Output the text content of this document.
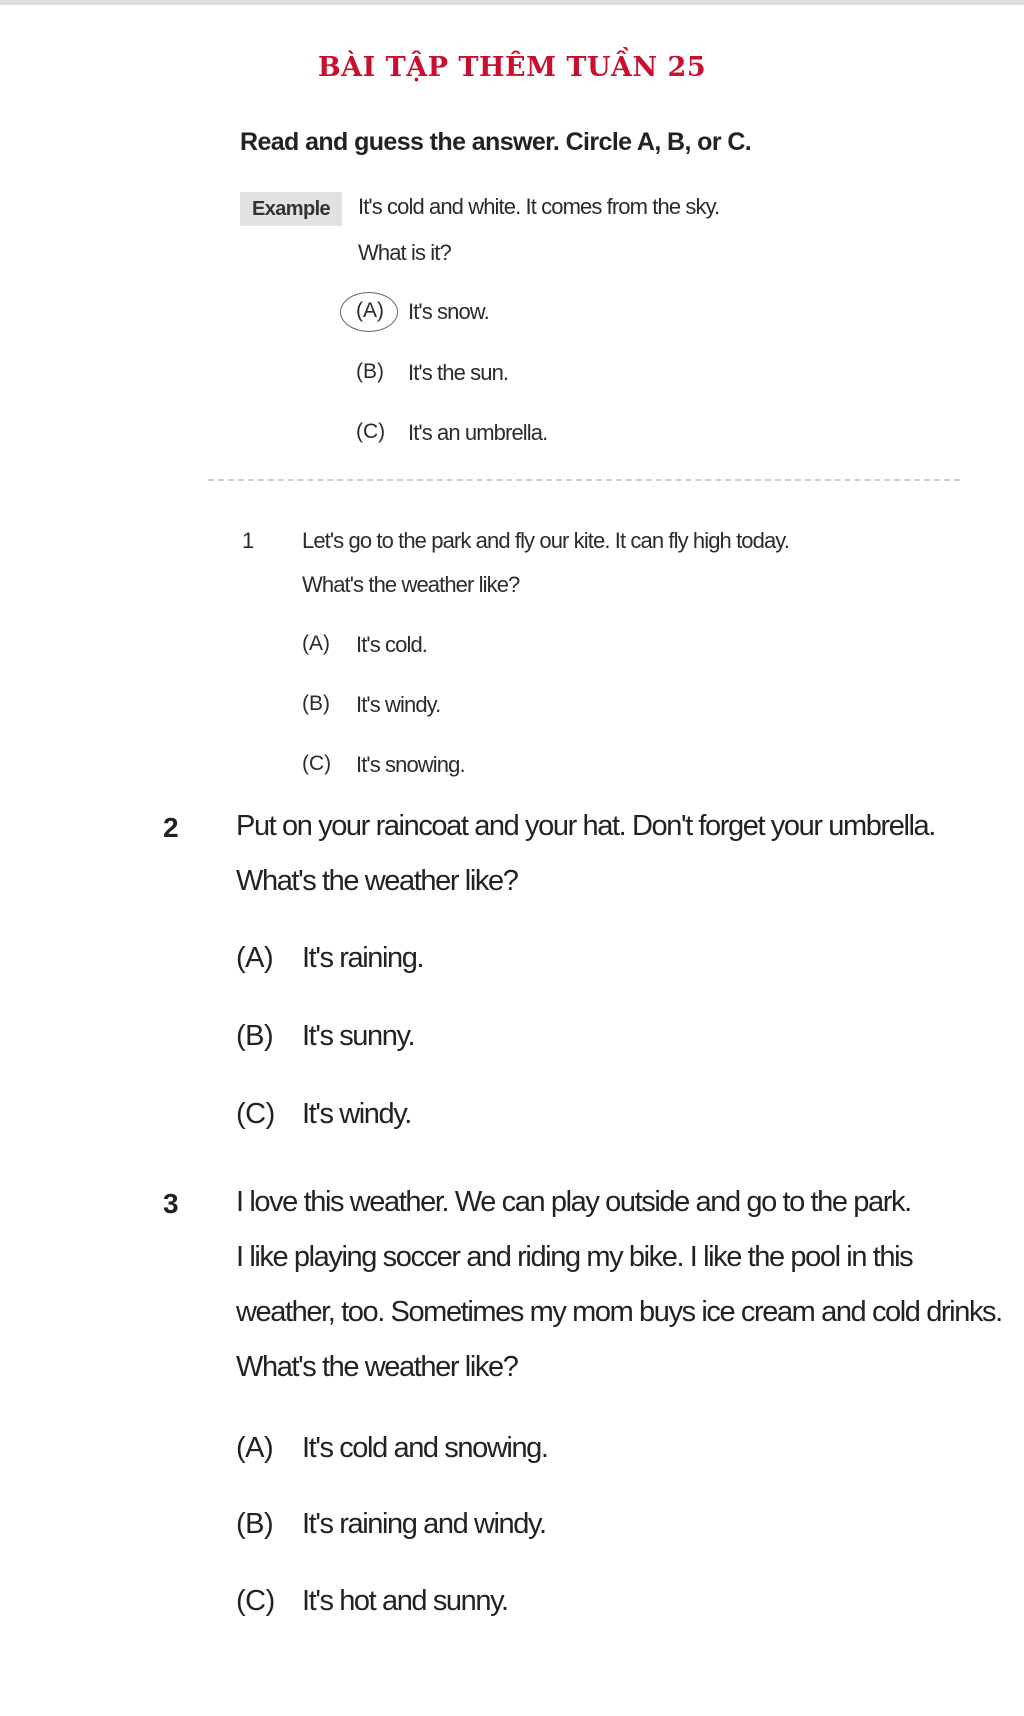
BÀI TẬP THÊM TUẦN 25
Read and guess the answer. Circle A, B, or C.
Example	It's cold and white. It comes from the sky.
What is it?
(A) It's snow.
(B) It's the sun.
(C) It's an umbrella.
1 Let's go to the park and fly our kite. It can fly high today.
What's the weather like?
(A) It's cold.
(B) It's windy.
(C) It's snowing.
2 Put on your raincoat and your hat. Don't forget your umbrella.
What's the weather like?
(A) It's raining.
(B) It's sunny.
(C) It's windy.
3 I love this weather. We can play outside and go to the park.
I like playing soccer and riding my bike. I like the pool in this
weather, too. Sometimes my mom buys ice cream and cold drinks.
What's the weather like?
(A) It's cold and snowing.
(B) It's raining and windy.
(C) It's hot and sunny.
